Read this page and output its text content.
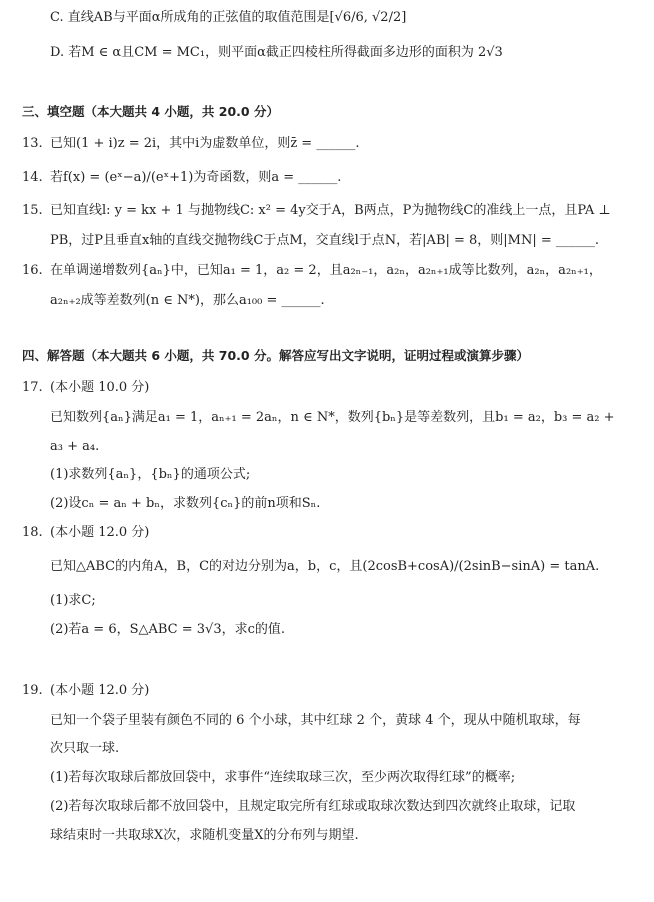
C. 直线AB与平面α所成角的正弦值的取值范围是[√6/6, √2/2]
D. 若M ∈ α且CM = MC₁，则平面α截正四棱柱所得截面多边形的面积为 2√3
三、填空题（本大题共 4 小题，共 20.0 分）
13. 已知(1 + i)z = 2i，其中i为虚数单位，则z̄ = ______.
14. 若f(x) = (eˣ−a)/(eˣ+1)为奇函数，则a = ______.
15. 已知直线l: y = kx + 1 与抛物线C: x² = 4y交于A，B两点，P为抛物线C的准线上一点，且PA ⊥
PB，过P且垂直x轴的直线交抛物线C于点M，交直线l于点N，若|AB| = 8，则|MN| = ______.
16. 在单调递增数列{aₙ}中，已知a₁ = 1，a₂ = 2，且a₂ₙ₋₁，a₂ₙ，a₂ₙ₊₁成等比数列，a₂ₙ，a₂ₙ₊₁，
a₂ₙ₊₂成等差数列(n ∈ N*)，那么a₁₀₀ = ______.
四、解答题（本大题共 6 小题，共 70.0 分。解答应写出文字说明，证明过程或演算步骤）
17. (本小题 10.0 分)
已知数列{aₙ}满足a₁ = 1，aₙ₊₁ = 2aₙ，n ∈ N*，数列{bₙ}是等差数列，且b₁ = a₂，b₃ = a₂ +
a₃ + a₄.
(1)求数列{aₙ}，{bₙ}的通项公式;
(2)设cₙ = aₙ + bₙ，求数列{cₙ}的前n项和Sₙ.
18. (本小题 12.0 分)
已知△ABC的内角A，B，C的对边分别为a，b，c，且(2cosB+cosA)/(2sinB−sinA) = tanA.
(1)求C;
(2)若a = 6，S△ABC = 3√3，求c的值.
19. (本小题 12.0 分)
已知一个袋子里装有颜色不同的 6 个小球，其中红球 2 个，黄球 4 个，现从中随机取球，每
次只取一球.
(1)若每次取球后都放回袋中，求事件“连续取球三次，至少两次取得红球”的概率;
(2)若每次取球后都不放回袋中，且规定取完所有红球或取球次数达到四次就终止取球，记取
球结束时一共取球X次，求随机变量X的分布列与期望.
